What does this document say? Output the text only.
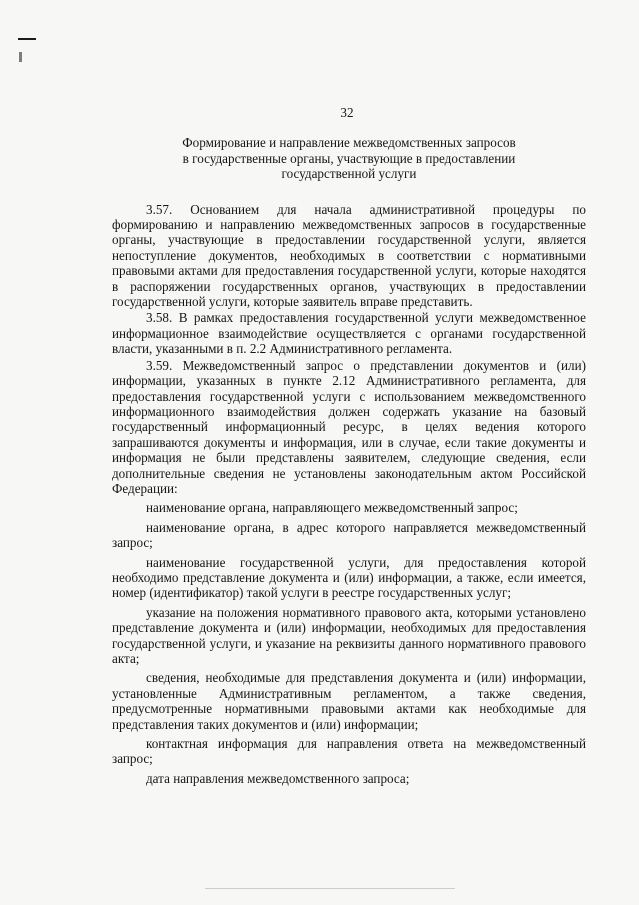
32
Формирование и направление межведомственных запросов
в государственные органы, участвующие в предоставлении
государственной услуги

3.57. Основанием для начала административной процедуры по формированию и направлению межведомственных запросов в государственные органы, участвующие в предоставлении государственной услуги, является непоступление документов, необходимых в соответствии с нормативными правовыми актами для предоставления государственной услуги, которые находятся в распоряжении государственных органов, участвующих в предоставлении государственной услуги, которые заявитель вправе представить.

3.58. В рамках предоставления государственной услуги межведомственное информационное взаимодействие осуществляется с органами государственной власти, указанными в п. 2.2 Административного регламента.

3.59. Межведомственный запрос о представлении документов и (или) информации, указанных в пункте 2.12 Административного регламента, для предоставления государственной услуги с использованием межведомственного информационного взаимодействия должен содержать указание на базовый государственный информационный ресурс, в целях ведения которого запрашиваются документы и информация, или в случае, если такие документы и информация не были представлены заявителем, следующие сведения, если дополнительные сведения не установлены законодательным актом Российской Федерации:

наименование органа, направляющего межведомственный запрос;

наименование органа, в адрес которого направляется межведомственный запрос;

наименование государственной услуги, для предоставления которой необходимо представление документа и (или) информации, а также, если имеется, номер (идентификатор) такой услуги в реестре государственных услуг;

указание на положения нормативного правового акта, которыми установлено представление документа и (или) информации, необходимых для предоставления государственной услуги, и указание на реквизиты данного нормативного правового акта;

сведения, необходимые для представления документа и (или) информации, установленные Административным регламентом, а также сведения, предусмотренные нормативными правовыми актами как необходимые для представления таких документов и (или) информации;

контактная информация для направления ответа на межведомственный запрос;

дата направления межведомственного запроса;
